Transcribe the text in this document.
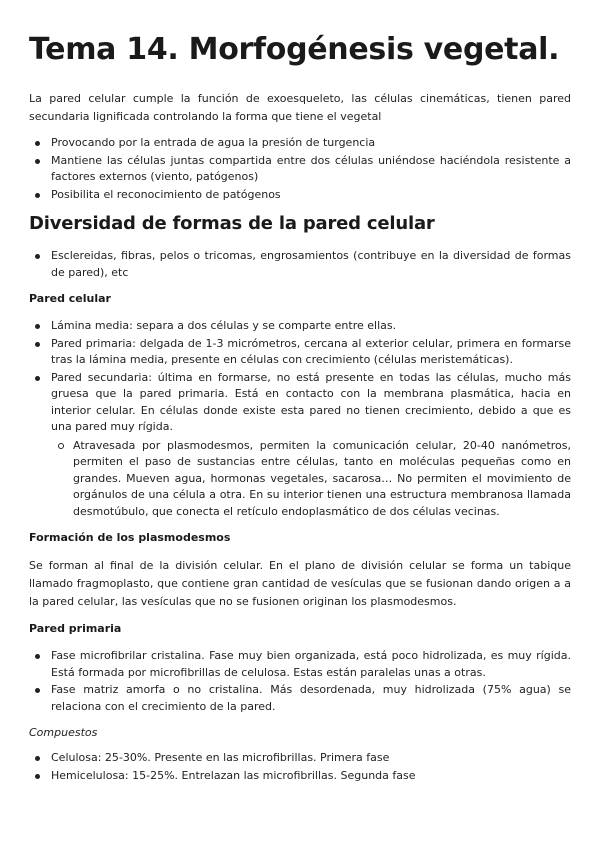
Tema 14. Morfogénesis vegetal.

La pared celular cumple la función de exoesqueleto, las células cinemáticas, tienen pared secundaria lignificada controlando la forma que tiene el vegetal

Provocando por la entrada de agua la presión de turgencia
Mantiene las células juntas compartida entre dos células uniéndose haciéndola resistente a factores externos (viento, patógenos)
Posibilita el reconocimiento de patógenos
Diversidad de formas de la pared celular
Esclereidas, fibras, pelos o tricomas, engrosamientos (contribuye en la diversidad de formas de pared), etc
Pared celular
Lámina media: separa a dos células y se comparte entre ellas.
Pared primaria: delgada de 1-3 micrómetros, cercana al exterior celular, primera en formarse tras la lámina media, presente en células con crecimiento (células meristemáticas).
Pared secundaria: última en formarse, no está presente en todas las células, mucho más gruesa que la pared primaria. Está en contacto con la membrana plasmática, hacia en interior celular. En células donde existe esta pared no tienen crecimiento, debido a que es una pared muy rígida.
Atravesada por plasmodesmos, permiten la comunicación celular, 20-40 nanómetros, permiten el paso de sustancias entre células, tanto en moléculas pequeñas como en grandes. Mueven agua, hormonas vegetales, sacarosa… No permiten el movimiento de orgánulos de una célula a otra. En su interior tienen una estructura membranosa llamada desmotúbulo, que conecta el retículo endoplasmático de dos células vecinas.
Formación de los plasmodesmos

Se forman al final de la división celular. En el plano de división celular se forma un tabique llamado fragmoplasto, que contiene gran cantidad de vesículas que se fusionan dando origen a a la pared celular, las vesículas que no se fusionen originan los plasmodesmos.

Pared primaria
Fase microfibrilar cristalina. Fase muy bien organizada, está poco hidrolizada, es muy rígida. Está formada por microfibrillas de celulosa. Estas están paralelas unas a otras.
Fase matriz amorfa o no cristalina. Más desordenada, muy hidrolizada (75% agua) se relaciona con el crecimiento de la pared.

Compuestos

Celulosa: 25-30%. Presente en las microfibrillas. Primera fase
Hemicelulosa: 15-25%. Entrelazan las microfibrillas. Segunda fase
